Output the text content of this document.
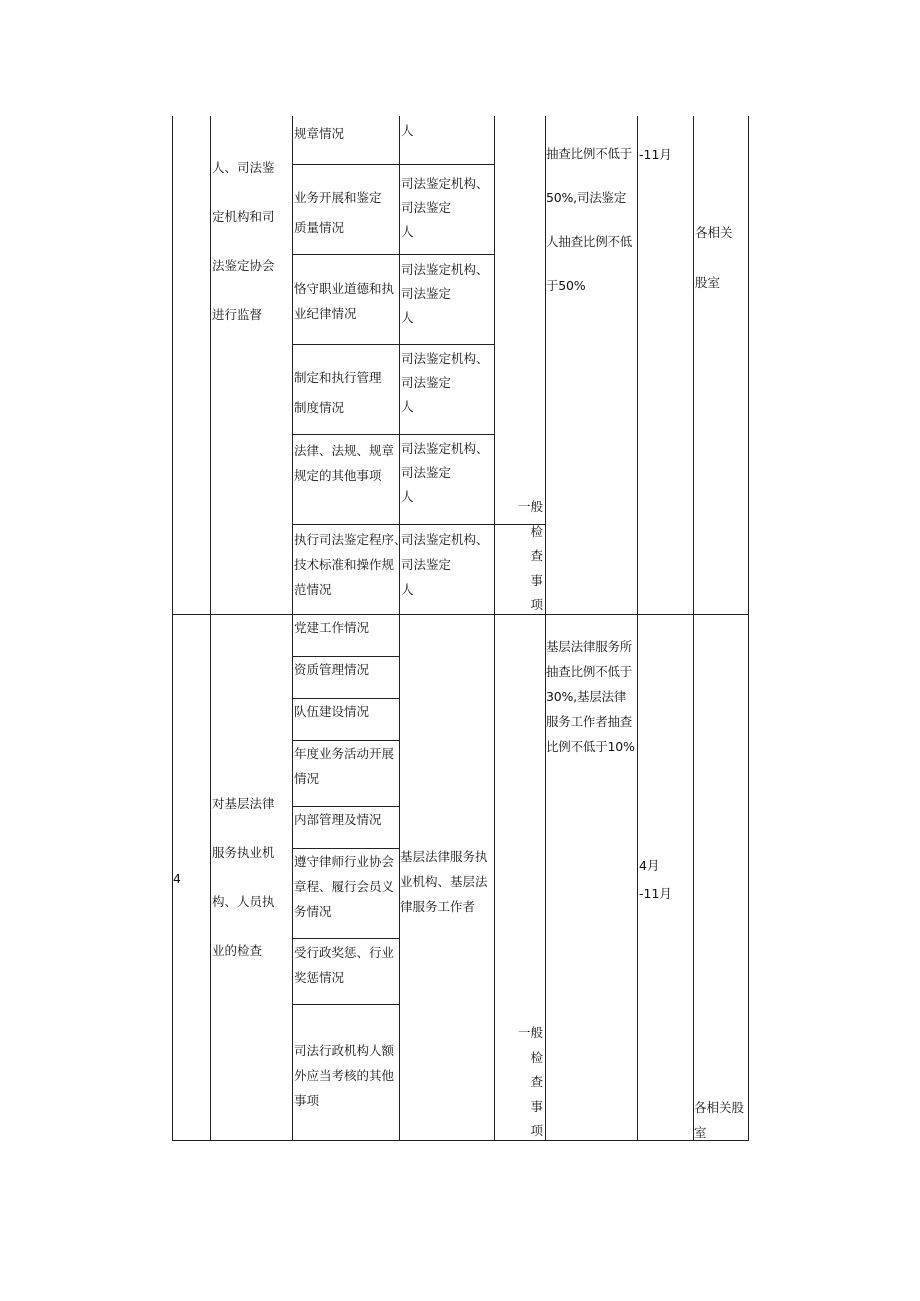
人、司法鉴
定机构和司
法鉴定协会
进行监督
规章情况	人
业务开展和鉴定
质量情况
司法鉴定机构、
司法鉴定
人
恪守职业道德和执
业纪律情况
司法鉴定机构、
司法鉴定
人
制定和执行管理
制度情况
司法鉴定机构、
司法鉴定
人
法律、法规、规章
规定的其他事项
司法鉴定机构、
司法鉴定
人
执行司法鉴定程序、
技术标准和操作规
范情况
司法鉴定机构、
司法鉴定
人
一般
检
查
事
项
抽查比例不低于
50%,司法鉴定
人抽查比例不低
于50%
-11月
各相关
股室
4
对基层法律
服务执业机
构、人员执
业的检查
党建工作情况
资质管理情况
队伍建设情况
年度业务活动开展
情况
内部管理及情况
遵守律师行业协会
章程、履行会员义
务情况
受行政奖惩、行业
奖惩情况
司法行政机构人额
外应当考核的其他
事项
基层法律服务执
业机构、基层法
律服务工作者
一般
检
查
事
项
基层法律服务所
抽查比例不低于
30%,基层法律
服务工作者抽查
比例不低于10%
4月
-11月
各相关股
室
